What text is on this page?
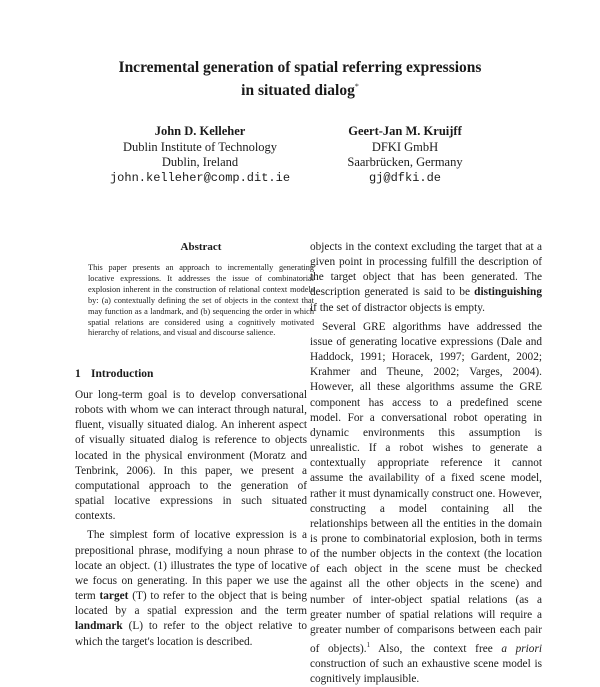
Incremental generation of spatial referring expressions
in situated dialog*
John D. Kelleher
Dublin Institute of Technology
Dublin, Ireland
john.kelleher@comp.dit.ie
Geert-Jan M. Kruijff
DFKI GmbH
Saarbrücken, Germany
gj@dfki.de
Abstract
This paper presents an approach to incrementally generating locative expressions. It addresses the issue of combinatorial explosion inherent in the construction of relational context models by: (a) contextually defining the set of objects in the context that may function as a landmark, and (b) sequencing the order in which spatial relations are considered using a cognitively motivated hierarchy of relations, and visual and discourse salience.
1 Introduction

Our long-term goal is to develop conversational robots with whom we can interact through natural, fluent, visually situated dialog. An inherent aspect of visually situated dialog is reference to objects located in the physical environment (Moratz and Tenbrink, 2006). In this paper, we present a computational approach to the generation of spatial locative expressions in such situated contexts.

The simplest form of locative expression is a prepositional phrase, modifying a noun phrase to locate an object. (1) illustrates the type of locative we focus on generating. In this paper we use the term target (T) to refer to the object that is being located by a spatial expression and the term landmark (L) to refer to the object relative to which the target's location is described.

objects in the context excluding the target that at a given point in processing fulfill the description of the target object that has been generated. The description generated is said to be distinguishing if the set of distractor objects is empty.

Several GRE algorithms have addressed the issue of generating locative expressions (Dale and Haddock, 1991; Horacek, 1997; Gardent, 2002; Krahmer and Theune, 2002; Varges, 2004). However, all these algorithms assume the GRE component has access to a predefined scene model. For a conversational robot operating in dynamic environments this assumption is unrealistic. If a robot wishes to generate a contextually appropriate reference it cannot assume the availability of a fixed scene model, rather it must dynamically construct one. However, constructing a model containing all the relationships between all the entities in the domain is prone to combinatorial explosion, both in terms of the number objects in the context (the location of each object in the scene must be checked against all the other objects in the scene) and number of inter-object spatial relations (as a greater number of spatial relations will require a greater number of comparisons between each pair of objects).$^1$ Also, the context free a priori construction of such an exhaustive scene model is cognitively implausible.
